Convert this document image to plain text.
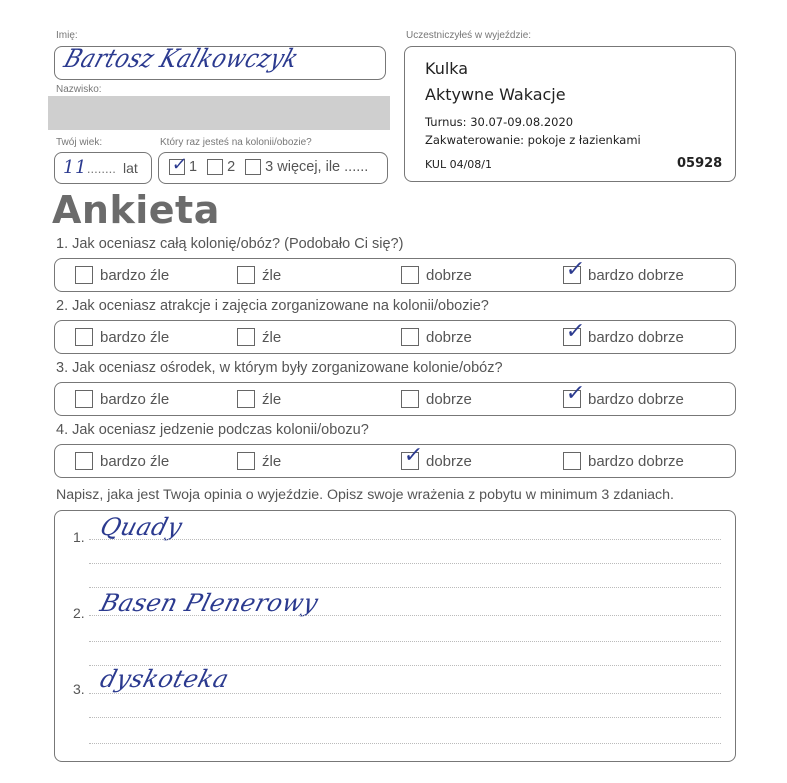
Imię:
Bartosz Kalkowczyk
Nazwisko:
Twój wiek:
11........ lat
Który raz jesteś na kolonii/obozie?
✓ 1 2 3 więcej, ile ......
Uczestniczyłeś w wyjeździe:
Kulka
Aktywne Wakacje
Turnus: 30.07-09.08.2020
Zakwaterowanie: pokoje z łazienkami
KUL 04/08/1	05928
Ankieta
1. Jak oceniasz całą kolonię/obóz? (Podobało Ci się?)
bardzo źle	źle	dobrze	✓ bardzo dobrze
2. Jak oceniasz atrakcje i zajęcia zorganizowane na kolonii/obozie?
bardzo źle	źle	dobrze	✓ bardzo dobrze
3. Jak oceniasz ośrodek, w którym były zorganizowane kolonie/obóz?
bardzo źle	źle	dobrze	✓ bardzo dobrze
4. Jak oceniasz jedzenie podczas kolonii/obozu?
bardzo źle	źle	✓ dobrze	bardzo dobrze
Napisz, jaka jest Twoja opinia o wyjeździe. Opisz swoje wrażenia z pobytu w minimum 3 zdaniach.
1. Quady
2. Basen Plenerowy
3. dyskoteka
